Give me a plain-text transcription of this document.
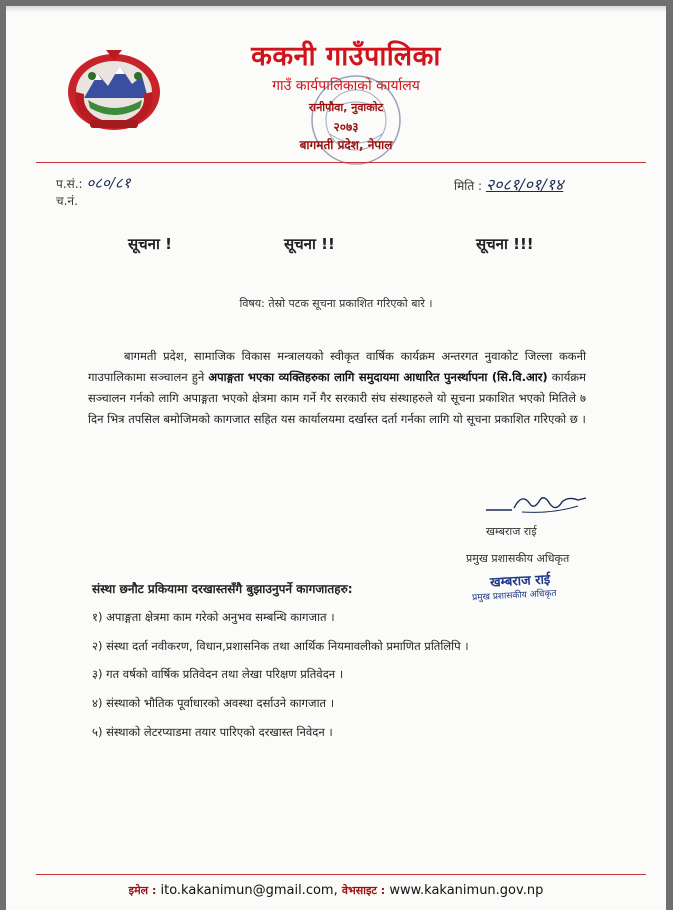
ककनी गाउँपालिका
गाउँ कार्यपालिकाको कार्यालय
रानीपौवा, नुवाकोट
२०७३
बागमती प्रदेश, नेपाल
प.सं.: ०८०/८१
च.नं.
मिति : २०८१/०१/१४
सूचना !	सूचना !!	सूचना !!!
विषय: तेस्रो पटक सूचना प्रकाशित गरिएको बारे ।

बागमती प्रदेश, सामाजिक विकास मन्त्रालयको स्वीकृत वार्षिक कार्यक्रम अन्तरगत नुवाकोट जिल्ला ककनी गाउपालिकामा सञ्चालन हुने अपाङ्गता भएका व्यक्तिहरुका लागि समुदायमा आधारित पुनर्स्थापना (सि.वि.आर) कार्यक्रम सञ्चालन गर्नको लागि अपाङ्गता भएको क्षेत्रमा काम गर्ने गैर सरकारी संघ संस्थाहरुले यो सूचना प्रकाशित भएको मितिले ७ दिन भित्र तपसिल बमोजिमको कागजात सहित यस कार्यालयमा दर्खास्त दर्ता गर्नका लागि यो सूचना प्रकाशित गरिएको छ ।

खम्बराज राई
प्रमुख प्रशासकीय अधिकृत
खम्बराज राई
प्रमुख प्रशासकीय अधिकृत
संस्था छनौट प्रकियामा दरखास्तसँगै बुझाउनुपर्ने कागजातहरु:
१) अपाङ्गता क्षेत्रमा काम गरेको अनुभव सम्बन्धि कागजात ।
२) संस्था दर्ता नवीकरण, विधान,प्रशासनिक तथा आर्थिक नियमावलीको प्रमाणित प्रतिलिपि ।
३) गत वर्षको वार्षिक प्रतिवेदन तथा लेखा परिक्षण प्रतिवेदन ।
४) संस्थाको भौतिक पूर्वाधारको अवस्था दर्साउने कागजात ।
५) संस्थाको लेटरप्याडमा तयार पारिएको दरखास्त निवेदन ।
इमेल : ito.kakanimun@gmail.com, वेभसाइट : www.kakanimun.gov.np
